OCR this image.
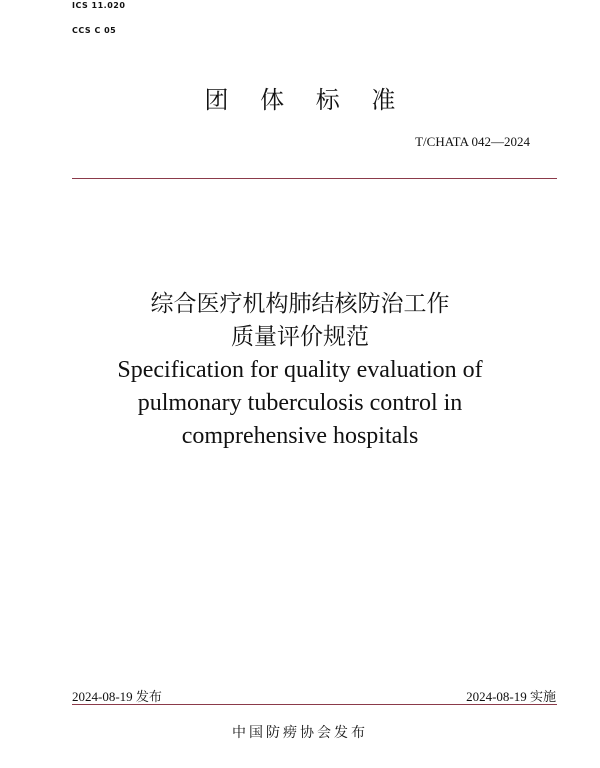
ICS 11.020
CCS C 05
团 体 标 准
T/CHATA 042—2024
综合医疗机构肺结核防治工作
质量评价规范
Specification for quality evaluation of
pulmonary tuberculosis control in
comprehensive hospitals
2024-08-19 发布	2024-08-19 实施
中国防痨协会发布
